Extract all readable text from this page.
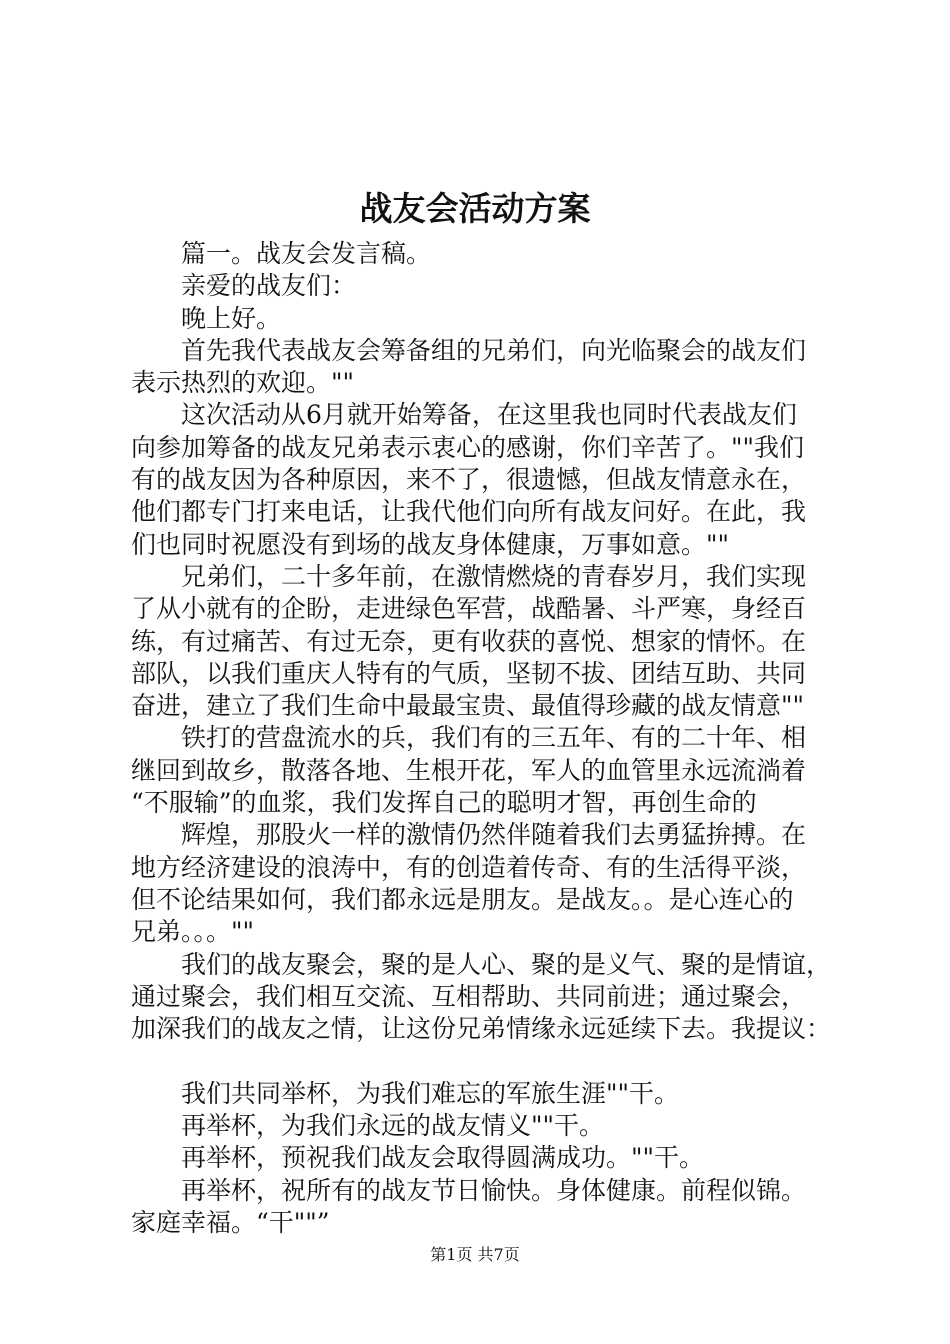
战友会活动方案
篇一。战友会发言稿。
亲爱的战友们：
晚上好。
首先我代表战友会筹备组的兄弟们，向光临聚会的战友们
表示热烈的欢迎。""
这次活动从6月就开始筹备，在这里我也同时代表战友们
向参加筹备的战友兄弟表示衷心的感谢，你们辛苦了。""我们
有的战友因为各种原因，来不了，很遗憾，但战友情意永在，
他们都专门打来电话，让我代他们向所有战友问好。在此，我
们也同时祝愿没有到场的战友身体健康，万事如意。""
兄弟们，二十多年前，在激情燃烧的青春岁月，我们实现
了从小就有的企盼，走进绿色军营，战酷暑、斗严寒，身经百
练，有过痛苦、有过无奈，更有收获的喜悦、想家的情怀。在
部队，以我们重庆人特有的气质，坚韧不拔、团结互助、共同
奋进，建立了我们生命中最最宝贵、最值得珍藏的战友情意""
铁打的营盘流水的兵，我们有的三五年、有的二十年、相
继回到故乡，散落各地、生根开花，军人的血管里永远流淌着
“不服输”的血浆，我们发挥自己的聪明才智，再创生命的
辉煌，那股火一样的激情仍然伴随着我们去勇猛拚搏。在
地方经济建设的浪涛中，有的创造着传奇、有的生活得平淡，
但不论结果如何，我们都永远是朋友。是战友。。是心连心的
兄弟。。。""
我们的战友聚会，聚的是人心、聚的是义气、聚的是情谊，
通过聚会，我们相互交流、互相帮助、共同前进；通过聚会，
加深我们的战友之情，让这份兄弟情缘永远延续下去。我提议：
我们共同举杯，为我们难忘的军旅生涯""干。
再举杯，为我们永远的战友情义""干。
再举杯，预祝我们战友会取得圆满成功。""干。
再举杯，祝所有的战友节日愉快。身体健康。前程似锦。
家庭幸福。“干""”
第1页 共7页
